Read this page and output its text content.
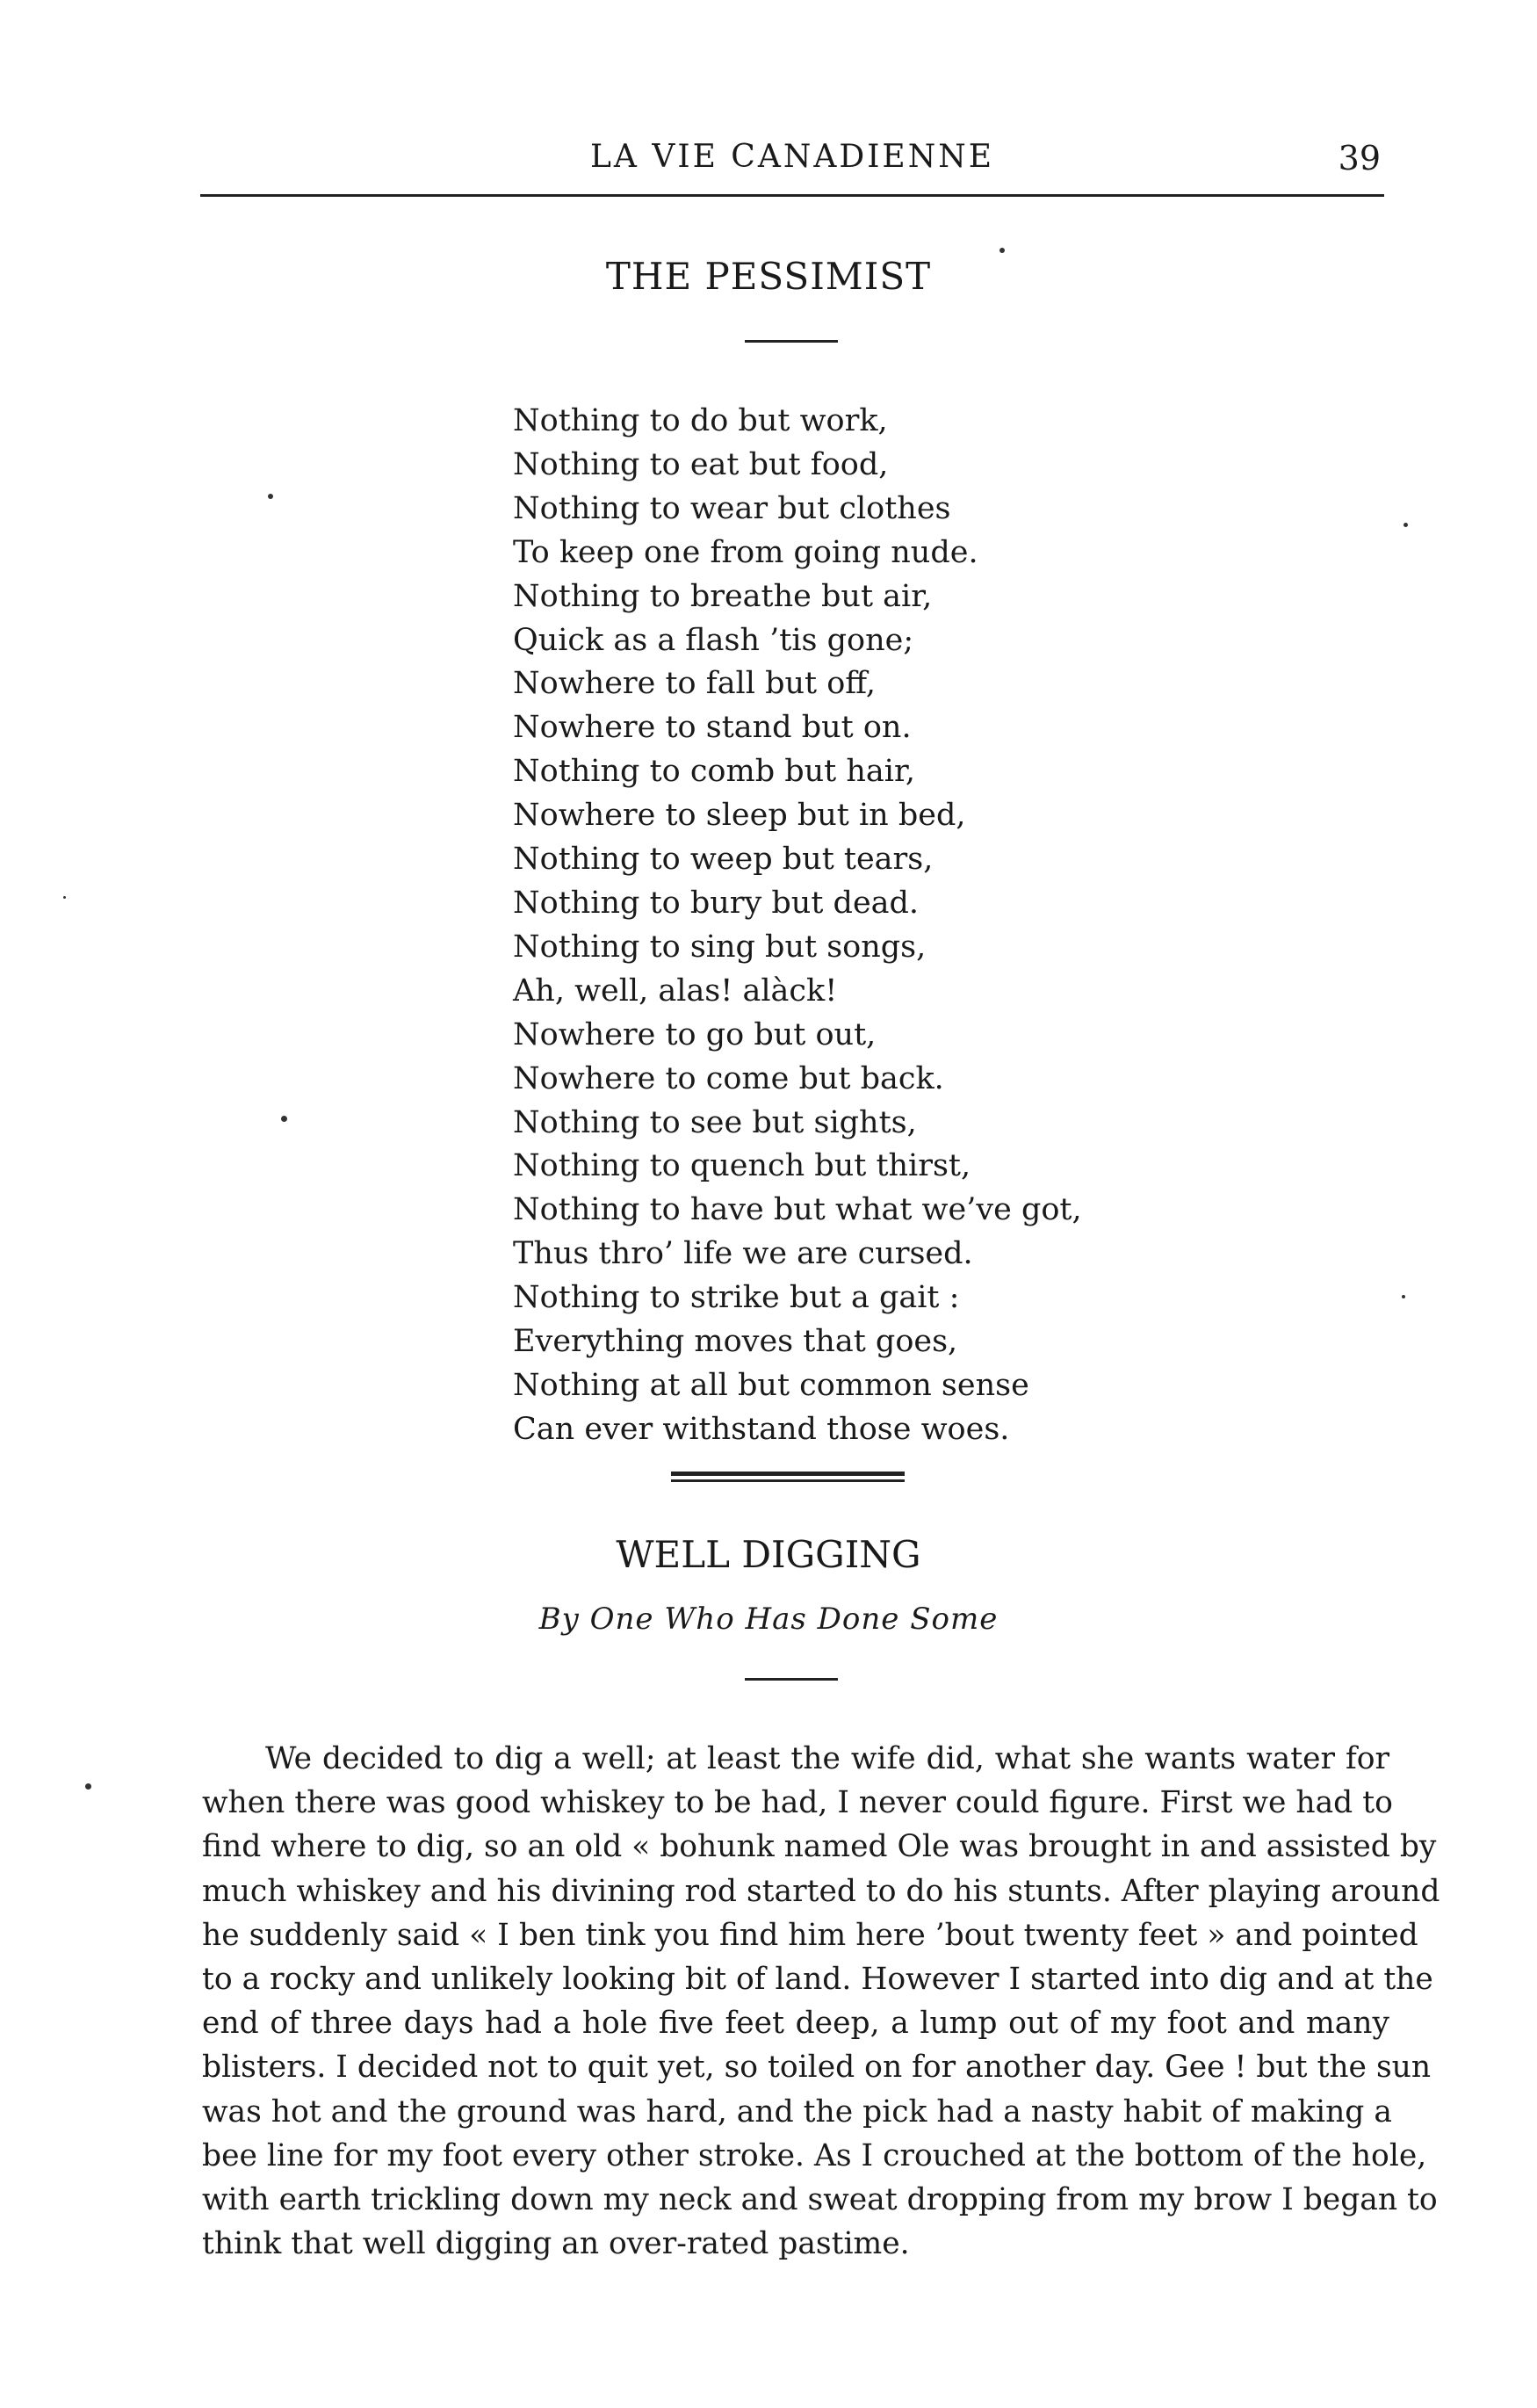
LA VIE CANADIENNE	39
THE PESSIMIST
Nothing to do but work,
Nothing to eat but food,
Nothing to wear but clothes
To keep one from going nude.
Nothing to breathe but air,
Quick as a flash ’tis gone;
Nowhere to fall but off,
Nowhere to stand but on.
Nothing to comb but hair,
Nowhere to sleep but in bed,
Nothing to weep but tears,
Nothing to bury but dead.
Nothing to sing but songs,
Ah, well, alas! alàck!
Nowhere to go but out,
Nowhere to come but back.
Nothing to see but sights,
Nothing to quench but thirst,
Nothing to have but what we’ve got,
Thus thro’ life we are cursed.
Nothing to strike but a gait :
Everything moves that goes,
Nothing at all but common sense
Can ever withstand those woes.
WELL DIGGING
By One Who Has Done Some
We decided to dig a well; at least the wife did, what she wants water for
when there was good whiskey to be had, I never could figure. First we had to
find where to dig, so an old « bohunk named Ole was brought in and assisted by
much whiskey and his divining rod started to do his stunts. After playing around
he suddenly said « I ben tink you find him here ’bout twenty feet » and pointed
to a rocky and unlikely looking bit of land. However I started into dig and at the
end of three days had a hole five feet deep, a lump out of my foot and many
blisters. I decided not to quit yet, so toiled on for another day. Gee ! but the sun
was hot and the ground was hard, and the pick had a nasty habit of making a
bee line for my foot every other stroke. As I crouched at the bottom of the hole,
with earth trickling down my neck and sweat dropping from my brow I began to
think that well digging an over-rated pastime.
